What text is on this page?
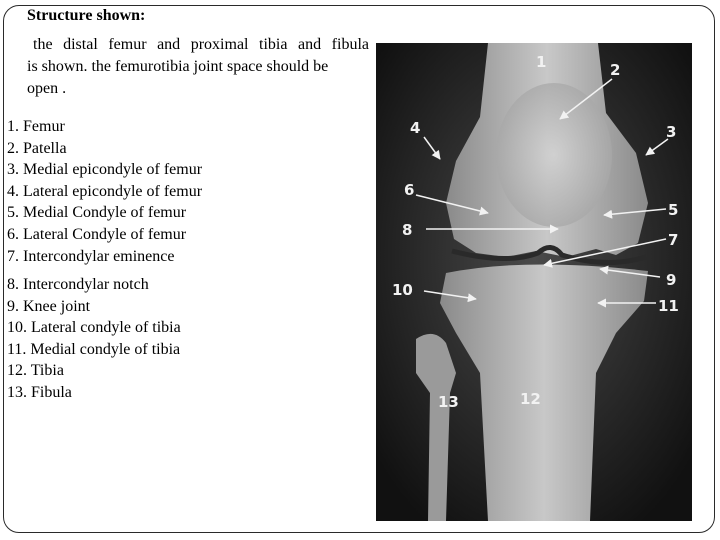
Structure shown:
the distal femur and proximal tibia and fibula
is shown. the femurotibia joint space should be
open .
1. Femur
2. Patella
3. Medial epicondyle of femur
4. Lateral epicondyle of femur
5. Medial Condyle of femur
6. Lateral Condyle of femur
7. Intercondylar eminence
8. Intercondylar notch
9. Knee joint
10. Lateral condyle of tibia
11. Medial condyle of tibia
12. Tibia
13. Fibula
1	2
3
4
5
6
7
8
9
10
11
12
13
